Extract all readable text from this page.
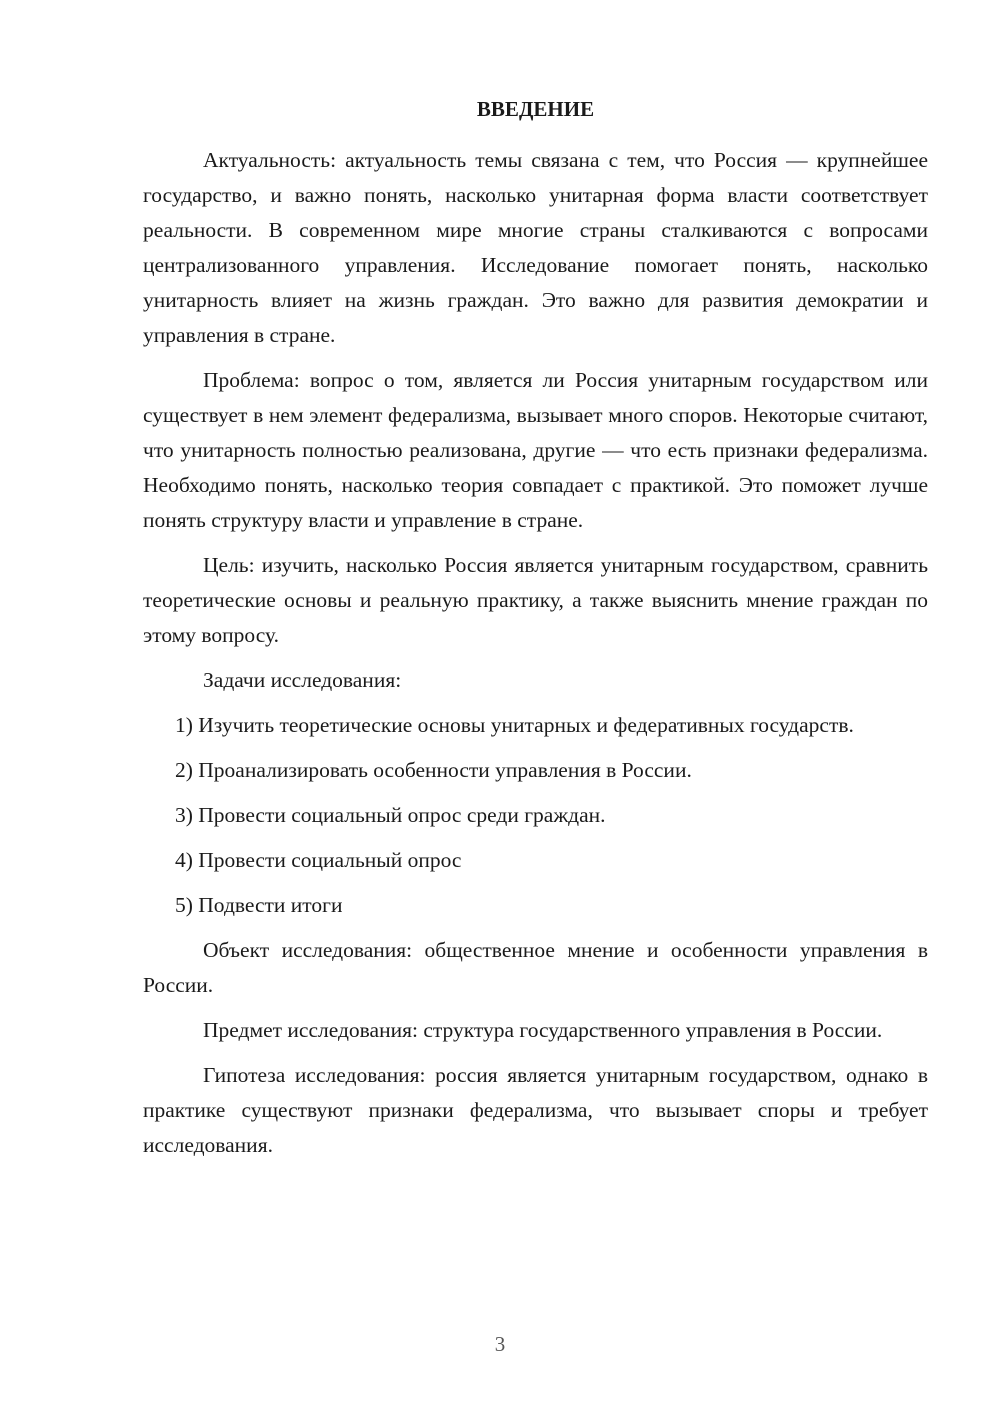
ВВЕДЕНИЕ

Актуальность: актуальность темы связана с тем, что Россия — крупнейшее государство, и важно понять, насколько унитарная форма власти соответствует реальности. В современном мире многие страны сталкиваются с вопросами централизованного управления. Исследование помогает понять, насколько унитарность влияет на жизнь граждан. Это важно для развития демократии и управления в стране.

Проблема: вопрос о том, является ли Россия унитарным государством или существует в нем элемент федерализма, вызывает много споров. Некоторые считают, что унитарность полностью реализована, другие — что есть признаки федерализма. Необходимо понять, насколько теория совпадает с практикой. Это поможет лучше понять структуру власти и управление в стране.

Цель: изучить, насколько Россия является унитарным государством, сравнить теоретические основы и реальную практику, а также выяснить мнение граждан по этому вопросу.

Задачи исследования:

1) Изучить теоретические основы унитарных и федеративных государств.

2) Проанализировать особенности управления в России.

3) Провести социальный опрос среди граждан.

4) Провести социальный опрос

5) Подвести итоги

Объект исследования: общественное мнение и особенности управления в России.

Предмет исследования: структура государственного управления в России.

Гипотеза исследования: россия является унитарным государством, однако в практике существуют признаки федерализма, что вызывает споры и требует исследования.

3
